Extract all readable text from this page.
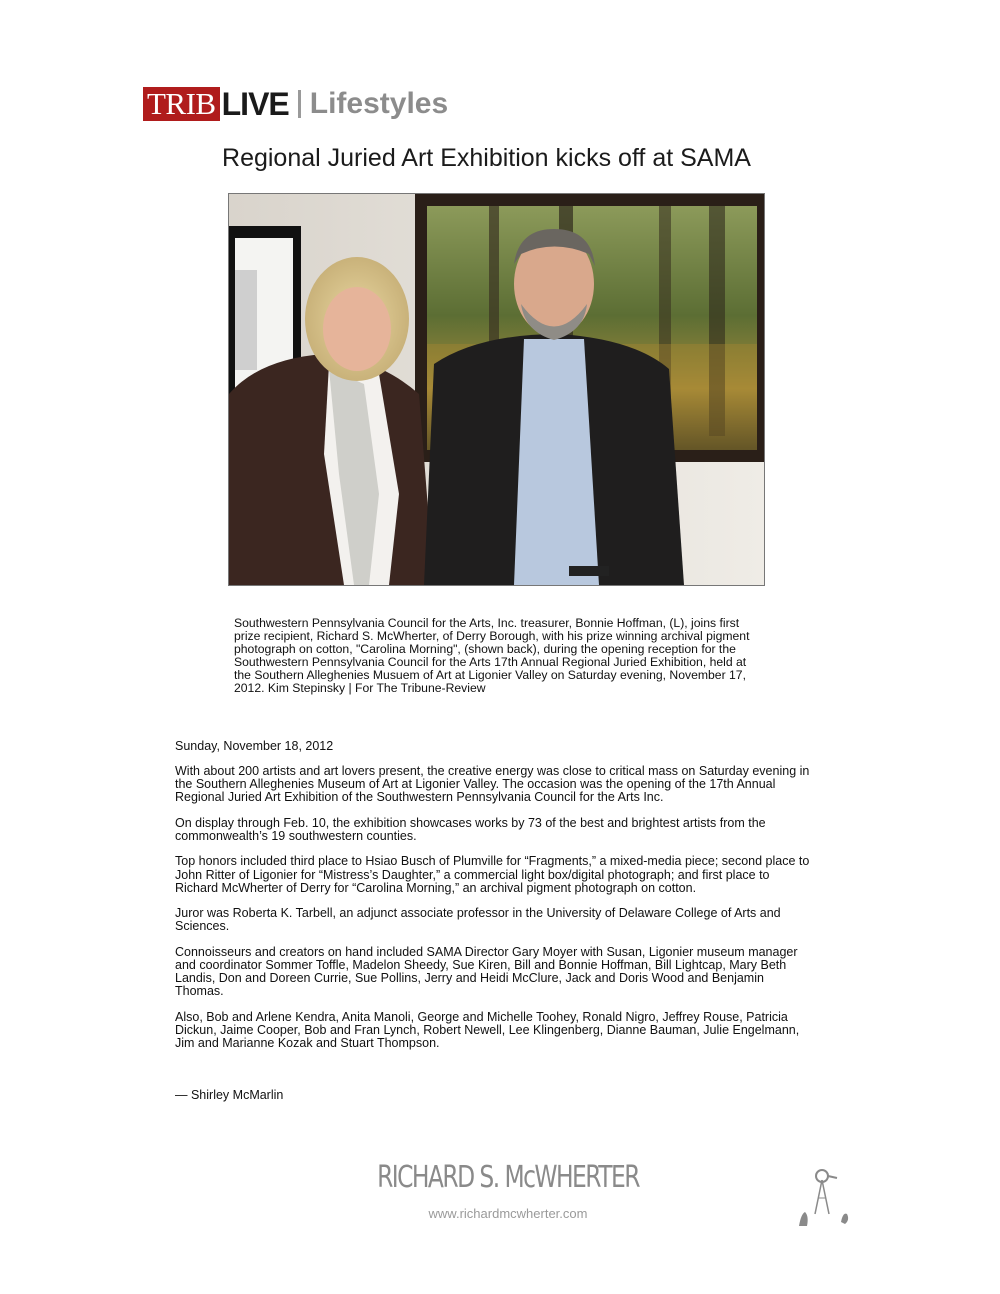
TRIB LIVE Lifestyles
Regional Juried Art Exhibition kicks off at SAMA

Southwestern Pennsylvania Council for the Arts, Inc. treasurer, Bonnie Hoffman, (L), joins first prize recipient, Richard S. McWherter, of Derry Borough, with his prize winning archival pigment photograph on cotton, "Carolina Morning", (shown back), during the opening reception for the Southwestern Pennsylvania Council for the Arts 17th Annual Regional Juried Exhibition, held at the Southern Alleghenies Musuem of Art at Ligonier Valley on Saturday evening, November 17, 2012. Kim Stepinsky | For The Tribune-Review

Sunday, November 18, 2012

With about 200 artists and art lovers present, the creative energy was close to critical mass on Saturday evening in the Southern Alleghenies Museum of Art at Ligonier Valley. The occasion was the opening of the 17th Annual Regional Juried Art Exhibition of the Southwestern Pennsylvania Council for the Arts Inc.

On display through Feb. 10, the exhibition showcases works by 73 of the best and brightest artists from the commonwealth’s 19 southwestern counties.

Top honors included third place to Hsiao Busch of Plumville for “Fragments,” a mixed-media piece; second place to John Ritter of Ligonier for “Mistress’s Daughter,” a commercial light box/digital photograph; and first place to Richard McWherter of Derry for “Carolina Morning,” an archival pigment photograph on cotton.

Juror was Roberta K. Tarbell, an adjunct associate professor in the University of Delaware College of Arts and Sciences.

Connoisseurs and creators on hand included SAMA Director Gary Moyer with Susan, Ligonier museum manager and coordinator Sommer Toffle, Madelon Sheedy, Sue Kiren, Bill and Bonnie Hoffman, Bill Lightcap, Mary Beth Landis, Don and Doreen Currie, Sue Pollins, Jerry and Heidi McClure, Jack and Doris Wood and Benjamin Thomas.

Also, Bob and Arlene Kendra, Anita Manoli, George and Michelle Toohey, Ronald Nigro, Jeffrey Rouse, Patricia Dickun, Jaime Cooper, Bob and Fran Lynch, Robert Newell, Lee Klingenberg, Dianne Bauman, Julie Engelmann, Jim and Marianne Kozak and Stuart Thompson.

— Shirley McMarlin

RICHARD S. McWHERTER
www.richardmcwherter.com
